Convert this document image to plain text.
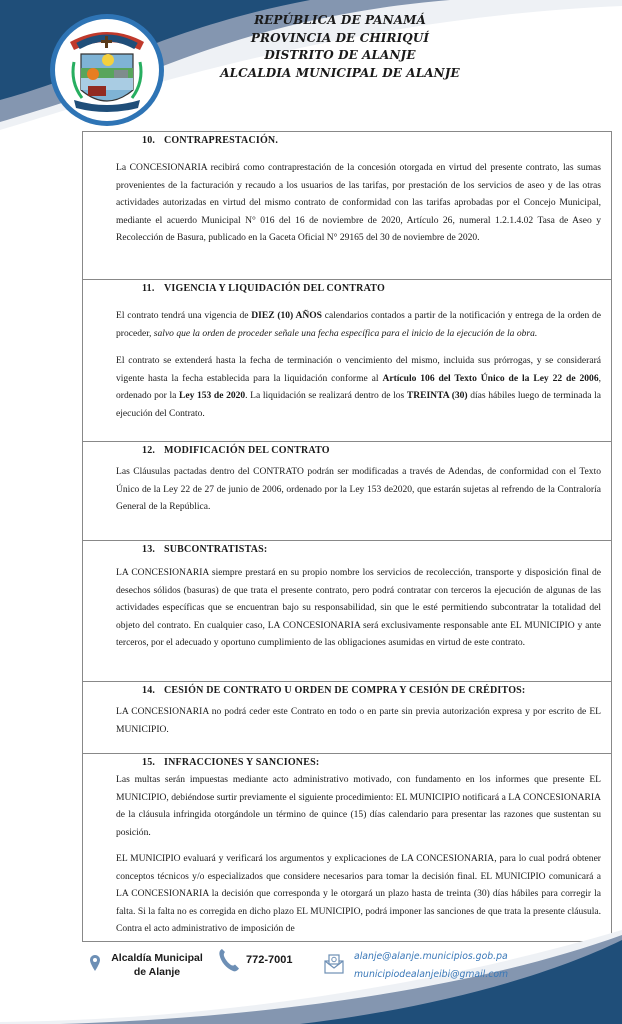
REPÚBLICA DE PANAMÁ
PROVINCIA DE CHIRIQUÍ
DISTRITO DE ALANJE
ALCALDIA MUNICIPAL DE ALANJE
10. CONTRAPRESTACIÓN.

La CONCESIONARIA recibirá como contraprestación de la concesión otorgada en virtud del presente contrato, las sumas provenientes de la facturación y recaudo a los usuarios de las tarifas, por prestación de los servicios de aseo y de las otras actividades autorizadas en virtud del mismo contrato de conformidad con las tarifas aprobadas por el Concejo Municipal, mediante el acuerdo Municipal N° 016 del 16 de noviembre de 2020, Artículo 26, numeral 1.2.1.4.02 Tasa de Aseo y Recolección de Basura, publicado en la Gaceta Oficial N° 29165 del 30 de noviembre de 2020.

11. VIGENCIA Y LIQUIDACIÓN DEL CONTRATO

El contrato tendrá una vigencia de DIEZ (10) AÑOS calendarios contados a partir de la notificación y entrega de la orden de proceder, salvo que la orden de proceder señale una fecha específica para el inicio de la ejecución de la obra.

El contrato se extenderá hasta la fecha de terminación o vencimiento del mismo, incluida sus prórrogas, y se considerará vigente hasta la fecha establecida para la liquidación conforme al Artículo 106 del Texto Único de la Ley 22 de 2006, ordenado por la Ley 153 de 2020. La liquidación se realizará dentro de los TREINTA (30) días hábiles luego de terminada la ejecución del Contrato.

12. MODIFICACIÓN DEL CONTRATO

Las Cláusulas pactadas dentro del CONTRATO podrán ser modificadas a través de Adendas, de conformidad con el Texto Único de la Ley 22 de 27 de junio de 2006, ordenado por la Ley 153 de2020, que estarán sujetas al refrendo de la Contraloría General de la República.

13. SUBCONTRATISTAS:

LA CONCESIONARIA siempre prestará en su propio nombre los servicios de recolección, transporte y disposición final de desechos sólidos (basuras) de que trata el presente contrato, pero podrá contratar con terceros la ejecución de algunas de las actividades específicas que se encuentran bajo su responsabilidad, sin que le esté permitiendo subcontratar la totalidad del objeto del contrato. En cualquier caso, LA CONCESIONARIA será exclusivamente responsable ante EL MUNICIPIO y ante terceros, por el adecuado y oportuno cumplimiento de las obligaciones asumidas en virtud de este contrato.

14. CESIÓN DE CONTRATO U ORDEN DE COMPRA Y CESIÓN DE CRÉDITOS:

LA CONCESIONARIA no podrá ceder este Contrato en todo o en parte sin previa autorización expresa y por escrito de EL MUNICIPIO.

15. INFRACCIONES Y SANCIONES:

Las multas serán impuestas mediante acto administrativo motivado, con fundamento en los informes que presente EL MUNICIPIO, debiéndose surtir previamente el siguiente procedimiento: EL MUNICIPIO notificará a LA CONCESIONARIA de la cláusula infringida otorgándole un término de quince (15) días calendario para presentar las razones que sustentan su posición.

EL MUNICIPIO evaluará y verificará los argumentos y explicaciones de LA CONCESIONARIA, para lo cual podrá obtener conceptos técnicos y/o especializados que considere necesarios para tomar la decisión final. EL MUNICIPIO comunicará a LA CONCESIONARIA la decisión que corresponda y le otorgará un plazo hasta de treinta (30) días hábiles para corregir la falta. Si la falta no es corregida en dicho plazo EL MUNICIPIO, podrá imponer las sanciones de que trata la presente cláusula. Contra el acto administrativo de imposición de

Alcaldía Municipal
de Alanje
772-7001	alanje@alanje.municipios.gob.pa
municipiodealanjeibi@gmail.com
